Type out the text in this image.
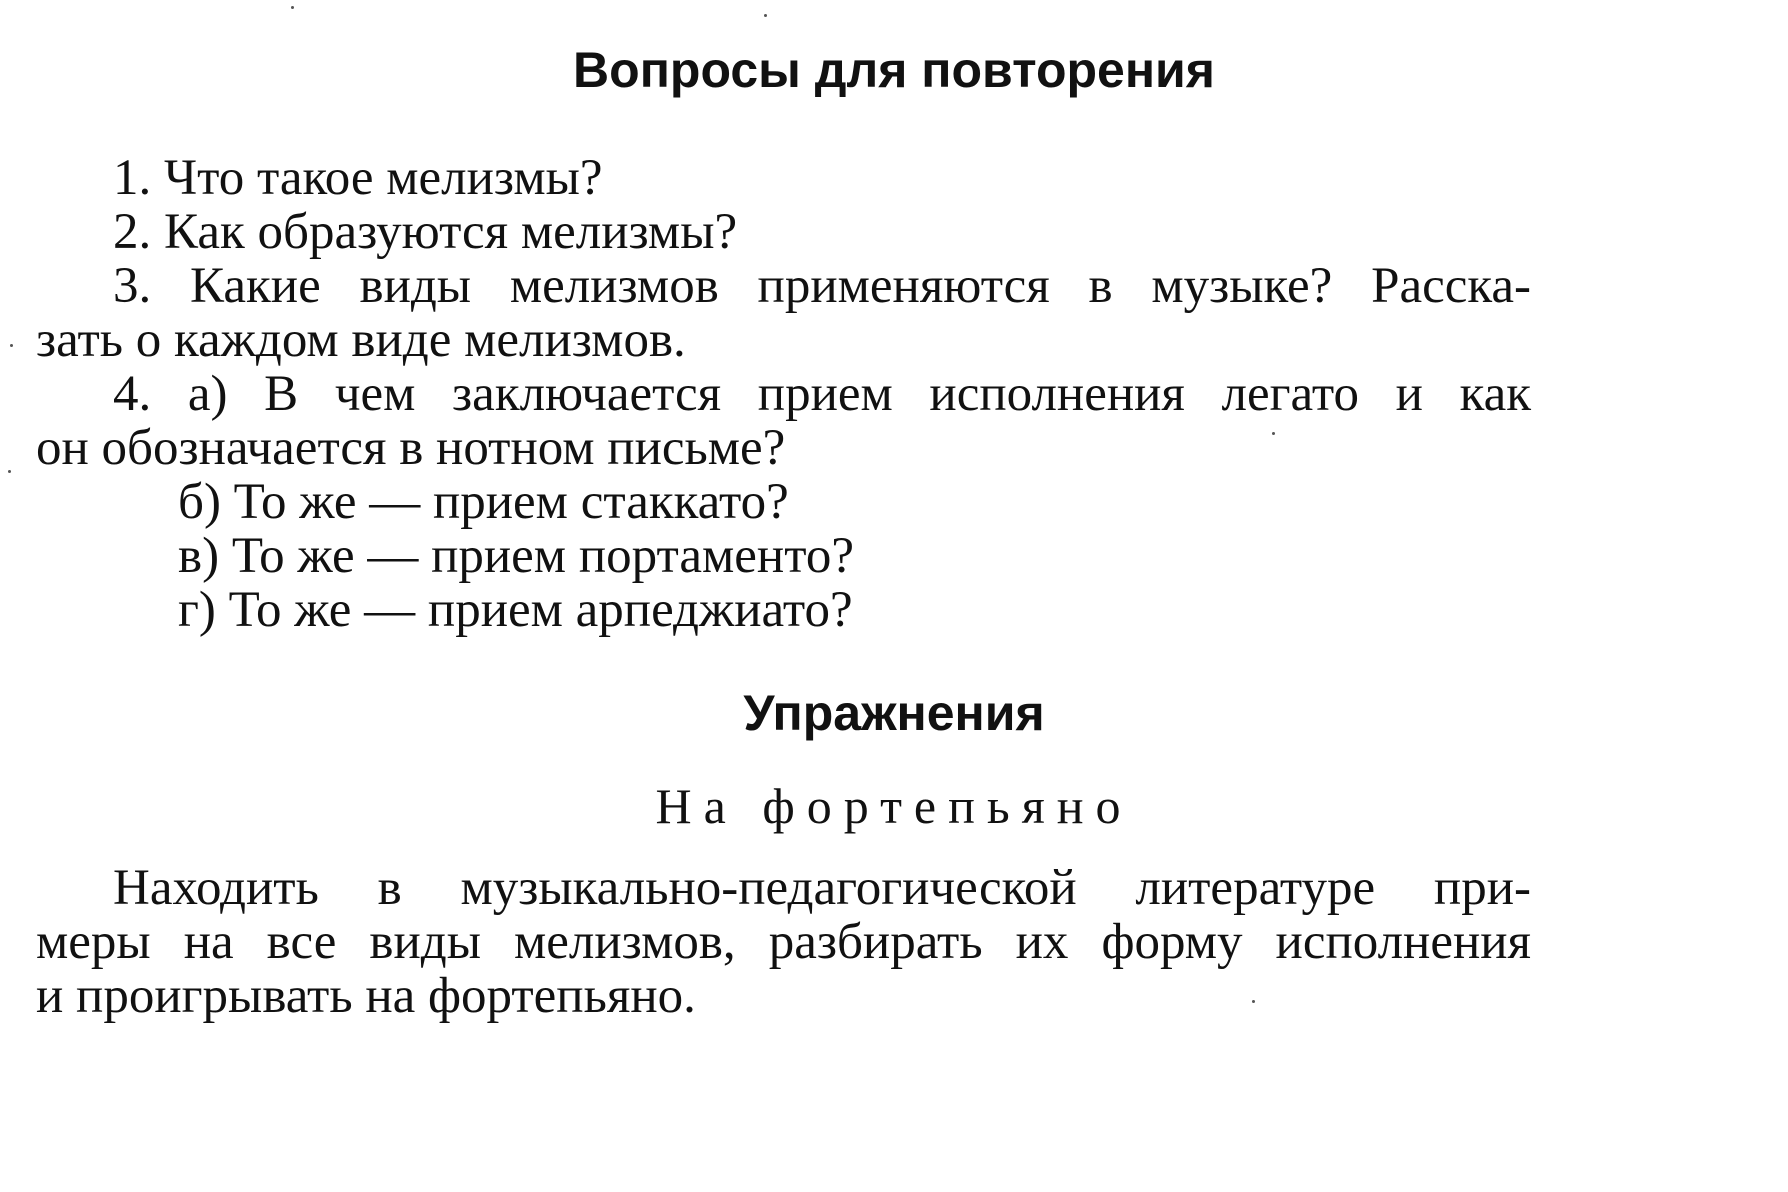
Вопросы для повторения
1. Что такое мелизмы?
2. Как образуются мелизмы?
3. Какие виды мелизмов применяются в музыке? Расска-
зать о каждом виде мелизмов.
4. а) В чем заключается прием исполнения легато и как
он обозначается в нотном письме?
б) То же — прием стаккато?
в) То же — прием портаменто?
г) То же — прием арпеджиато?
Упражнения
На фортепьяно
Находить в музыкально-педагогической литературе при-
меры на все виды мелизмов, разбирать их форму исполнения
и проигрывать на фортепьяно.
